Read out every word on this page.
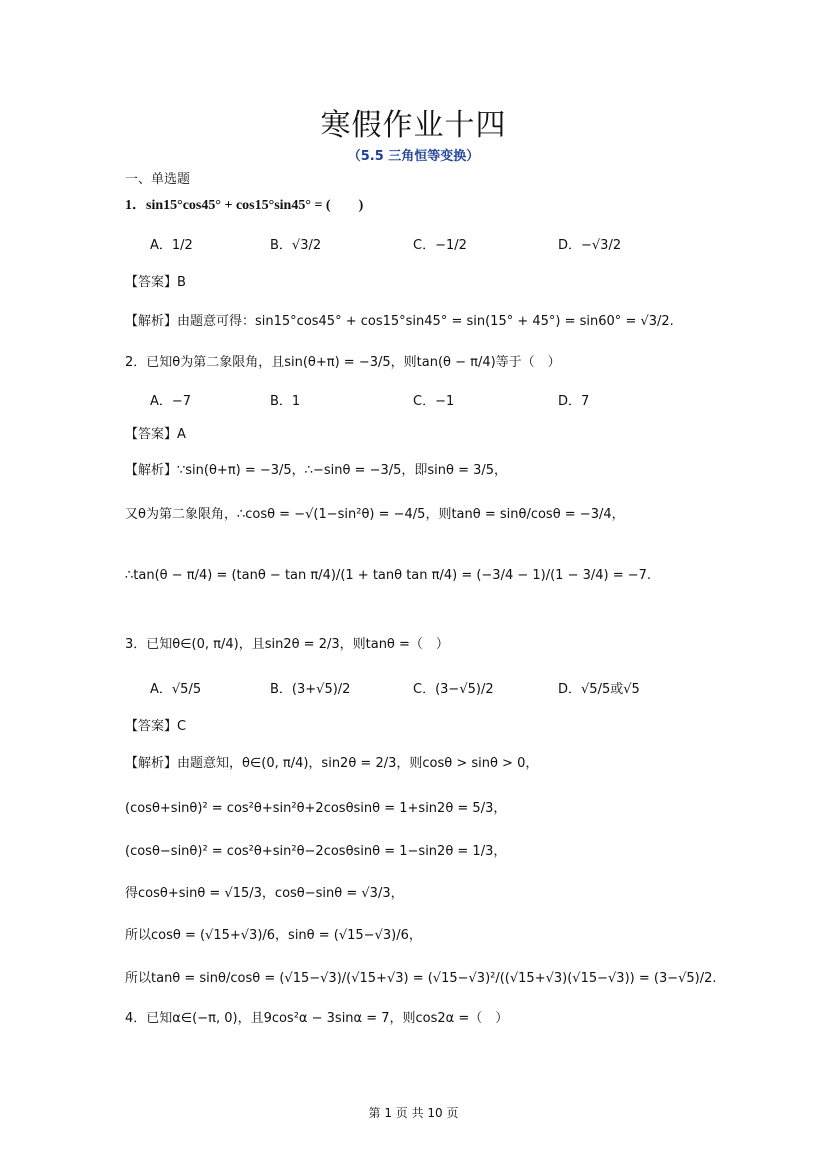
寒假作业十四
（5.5 三角恒等变换）
一、单选题
1．sin15°cos45° + cos15°sin45° = (　　)
A．1/2	B．√3/2	C．−1/2	D．−√3/2
【答案】B
【解析】由题意可得：sin15°cos45° + cos15°sin45° = sin(15° + 45°) = sin60° = √3/2.
2．已知θ为第二象限角，且sin(θ+π) = −3/5，则tan(θ − π/4)等于（　）
A．−7	B．1	C．−1	D．7
【答案】A
【解析】∵sin(θ+π) = −3/5，∴−sinθ = −3/5，即sinθ = 3/5，
又θ为第二象限角，∴cosθ = −√(1−sin²θ) = −4/5，则tanθ = sinθ/cosθ = −3/4，
∴tan(θ − π/4) = (tanθ − tan π/4)/(1 + tanθ tan π/4) = (−3/4 − 1)/(1 − 3/4) = −7.
3．已知θ∈(0, π/4)，且sin2θ = 2/3，则tanθ =（　）
A．√5/5	B．(3+√5)/2	C．(3−√5)/2	D．√5/5或√5
【答案】C
【解析】由题意知，θ∈(0, π/4)，sin2θ = 2/3，则cosθ > sinθ > 0，
(cosθ+sinθ)² = cos²θ+sin²θ+2cosθsinθ = 1+sin2θ = 5/3，
(cosθ−sinθ)² = cos²θ+sin²θ−2cosθsinθ = 1−sin2θ = 1/3，
得cosθ+sinθ = √15/3，cosθ−sinθ = √3/3，
所以cosθ = (√15+√3)/6，sinθ = (√15−√3)/6，
所以tanθ = sinθ/cosθ = (√15−√3)/(√15+√3) = (√15−√3)²/((√15+√3)(√15−√3)) = (3−√5)/2.
4．已知α∈(−π, 0)，且9cos²α − 3sinα = 7，则cos2α =（　）
第 1 页 共 10 页
